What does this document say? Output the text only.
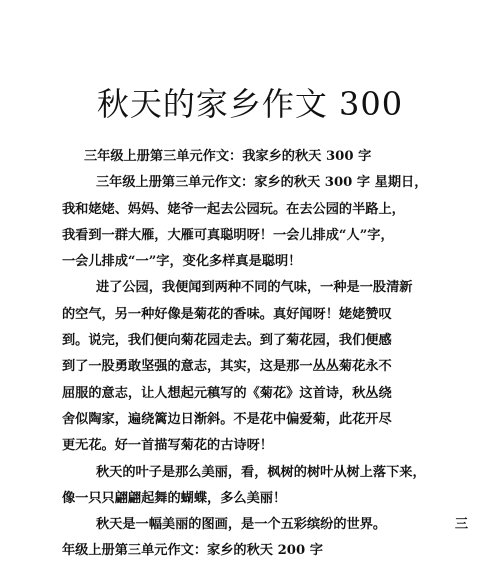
秋天的家乡作文 300
三年级上册第三单元作文：我家乡的秋天 300 字
三年级上册第三单元作文：家乡的秋天 300 字 星期日，
我和姥姥、妈妈、姥爷一起去公园玩。在去公园的半路上，
我看到一群大雁，大雁可真聪明呀！一会儿排成“人”字，
一会儿排成“一”字，变化多样真是聪明！
进了公园，我便闻到两种不同的气味，一种是一股清新
的空气，另一种好像是菊花的香味。真好闻呀！姥姥赞叹
到。说完，我们便向菊花园走去。到了菊花园，我们便感
到了一股勇敢坚强的意志，其实，这是那一丛丛菊花永不
屈服的意志，让人想起元稹写的《菊花》这首诗，秋丛绕
舍似陶家，遍绕篱边日渐斜。不是花中偏爱菊，此花开尽
更无花。好一首描写菊花的古诗呀！
秋天的叶子是那么美丽，看，枫树的树叶从树上落下来，
像一只只翩翩起舞的蝴蝶，多么美丽！
秋天是一幅美丽的图画，是一个五彩缤纷的世界。	三
年级上册第三单元作文：家乡的秋天 200 字
